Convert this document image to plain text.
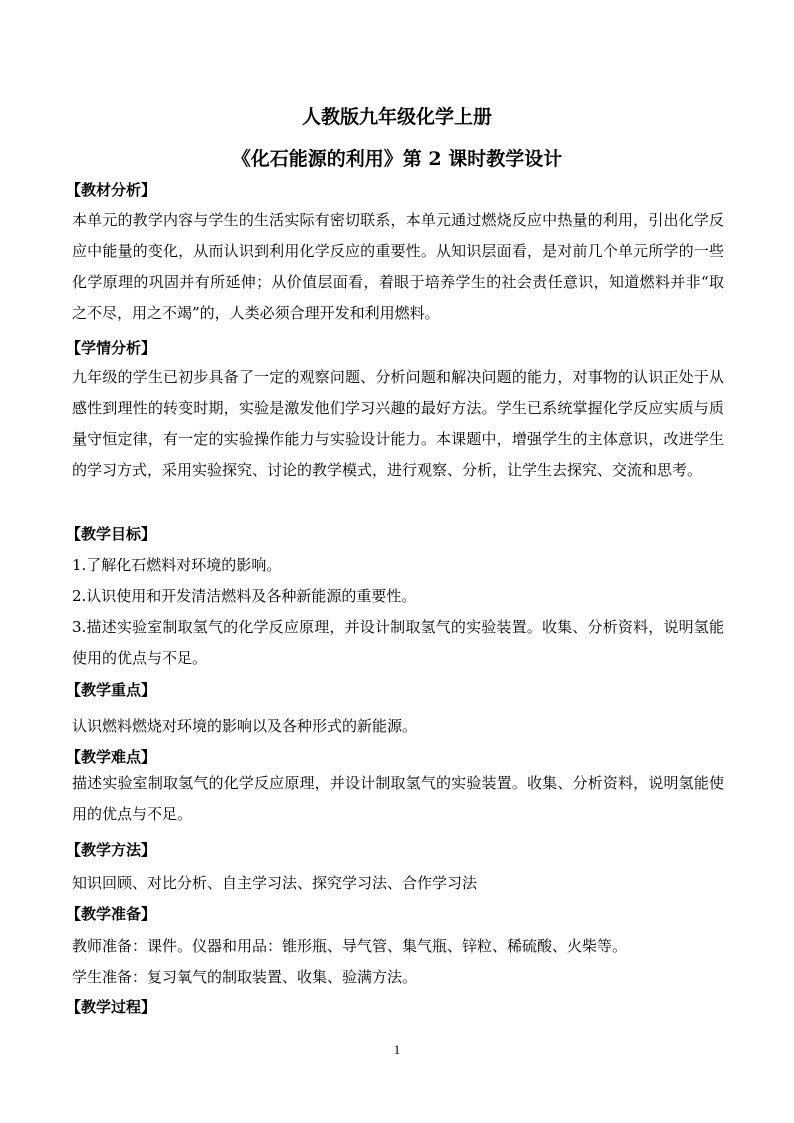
人教版九年级化学上册
《化石能源的利用》第 2 课时教学设计
【教材分析】
本单元的教学内容与学生的生活实际有密切联系，本单元通过燃烧反应中热量的利用，引出化学反应中能量的变化，从而认识到利用化学反应的重要性。从知识层面看，是对前几个单元所学的一些化学原理的巩固并有所延伸；从价值层面看，着眼于培养学生的社会责任意识，知道燃料并非“取之不尽，用之不竭”的，人类必须合理开发和利用燃料。
【学情分析】
九年级的学生已初步具备了一定的观察问题、分析问题和解决问题的能力，对事物的认识正处于从感性到理性的转变时期，实验是激发他们学习兴趣的最好方法。学生已系统掌握化学反应实质与质量守恒定律，有一定的实验操作能力与实验设计能力。本课题中，增强学生的主体意识，改进学生的学习方式，采用实验探究、讨论的教学模式，进行观察、分析，让学生去探究、交流和思考。
【教学目标】
1.了解化石燃料对环境的影响。
2.认识使用和开发清洁燃料及各种新能源的重要性。
3.描述实验室制取氢气的化学反应原理，并设计制取氢气的实验装置。收集、分析资料，说明氢能使用的优点与不足。
【教学重点】
认识燃料燃烧对环境的影响以及各种形式的新能源。
【教学难点】
描述实验室制取氢气的化学反应原理，并设计制取氢气的实验装置。收集、分析资料，说明氢能使用的优点与不足。
【教学方法】
知识回顾、对比分析、自主学习法、探究学习法、合作学习法
【教学准备】
教师准备：课件。仪器和用品：锥形瓶、导气管、集气瓶、锌粒、稀硫酸、火柴等。
学生准备：复习氧气的制取装置、收集、验满方法。
【教学过程】
1
